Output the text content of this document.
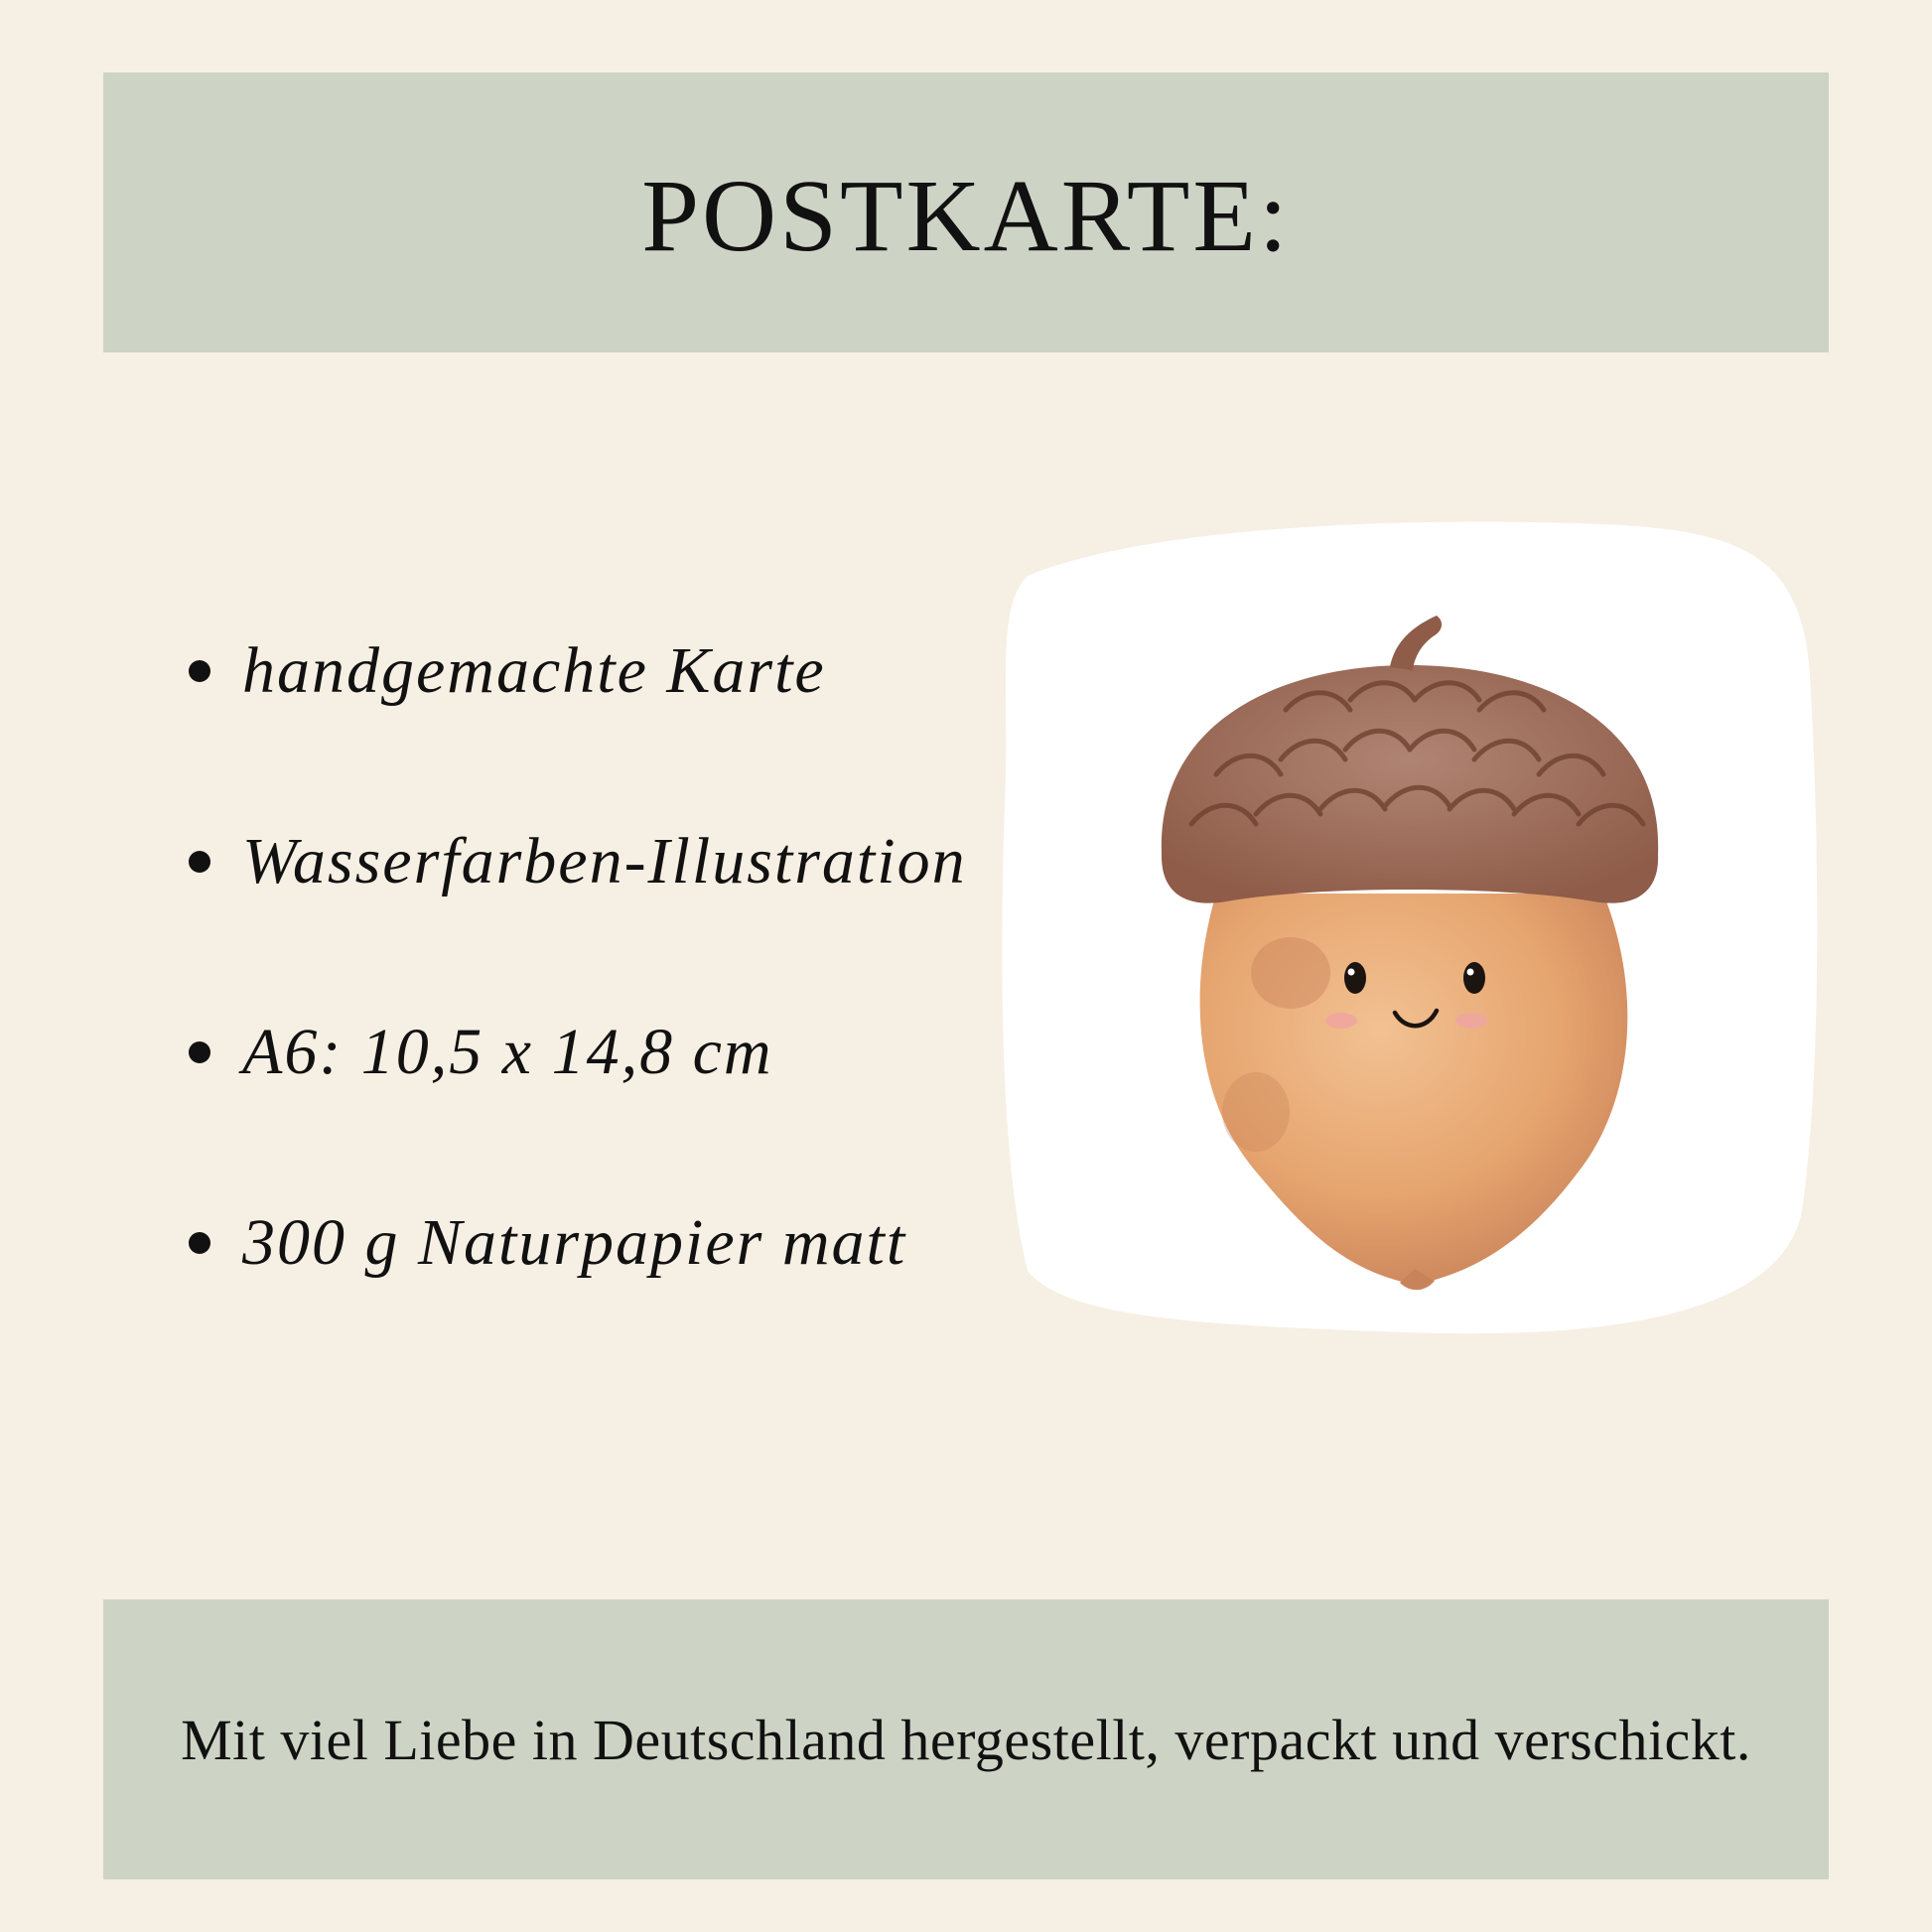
POSTKARTE:
handgemachte Karte
Wasserfarben-Illustration
A6: 10,5 x 14,8 cm
300 g Naturpapier matt

Mit viel Liebe in Deutschland hergestellt, verpackt und verschickt.
